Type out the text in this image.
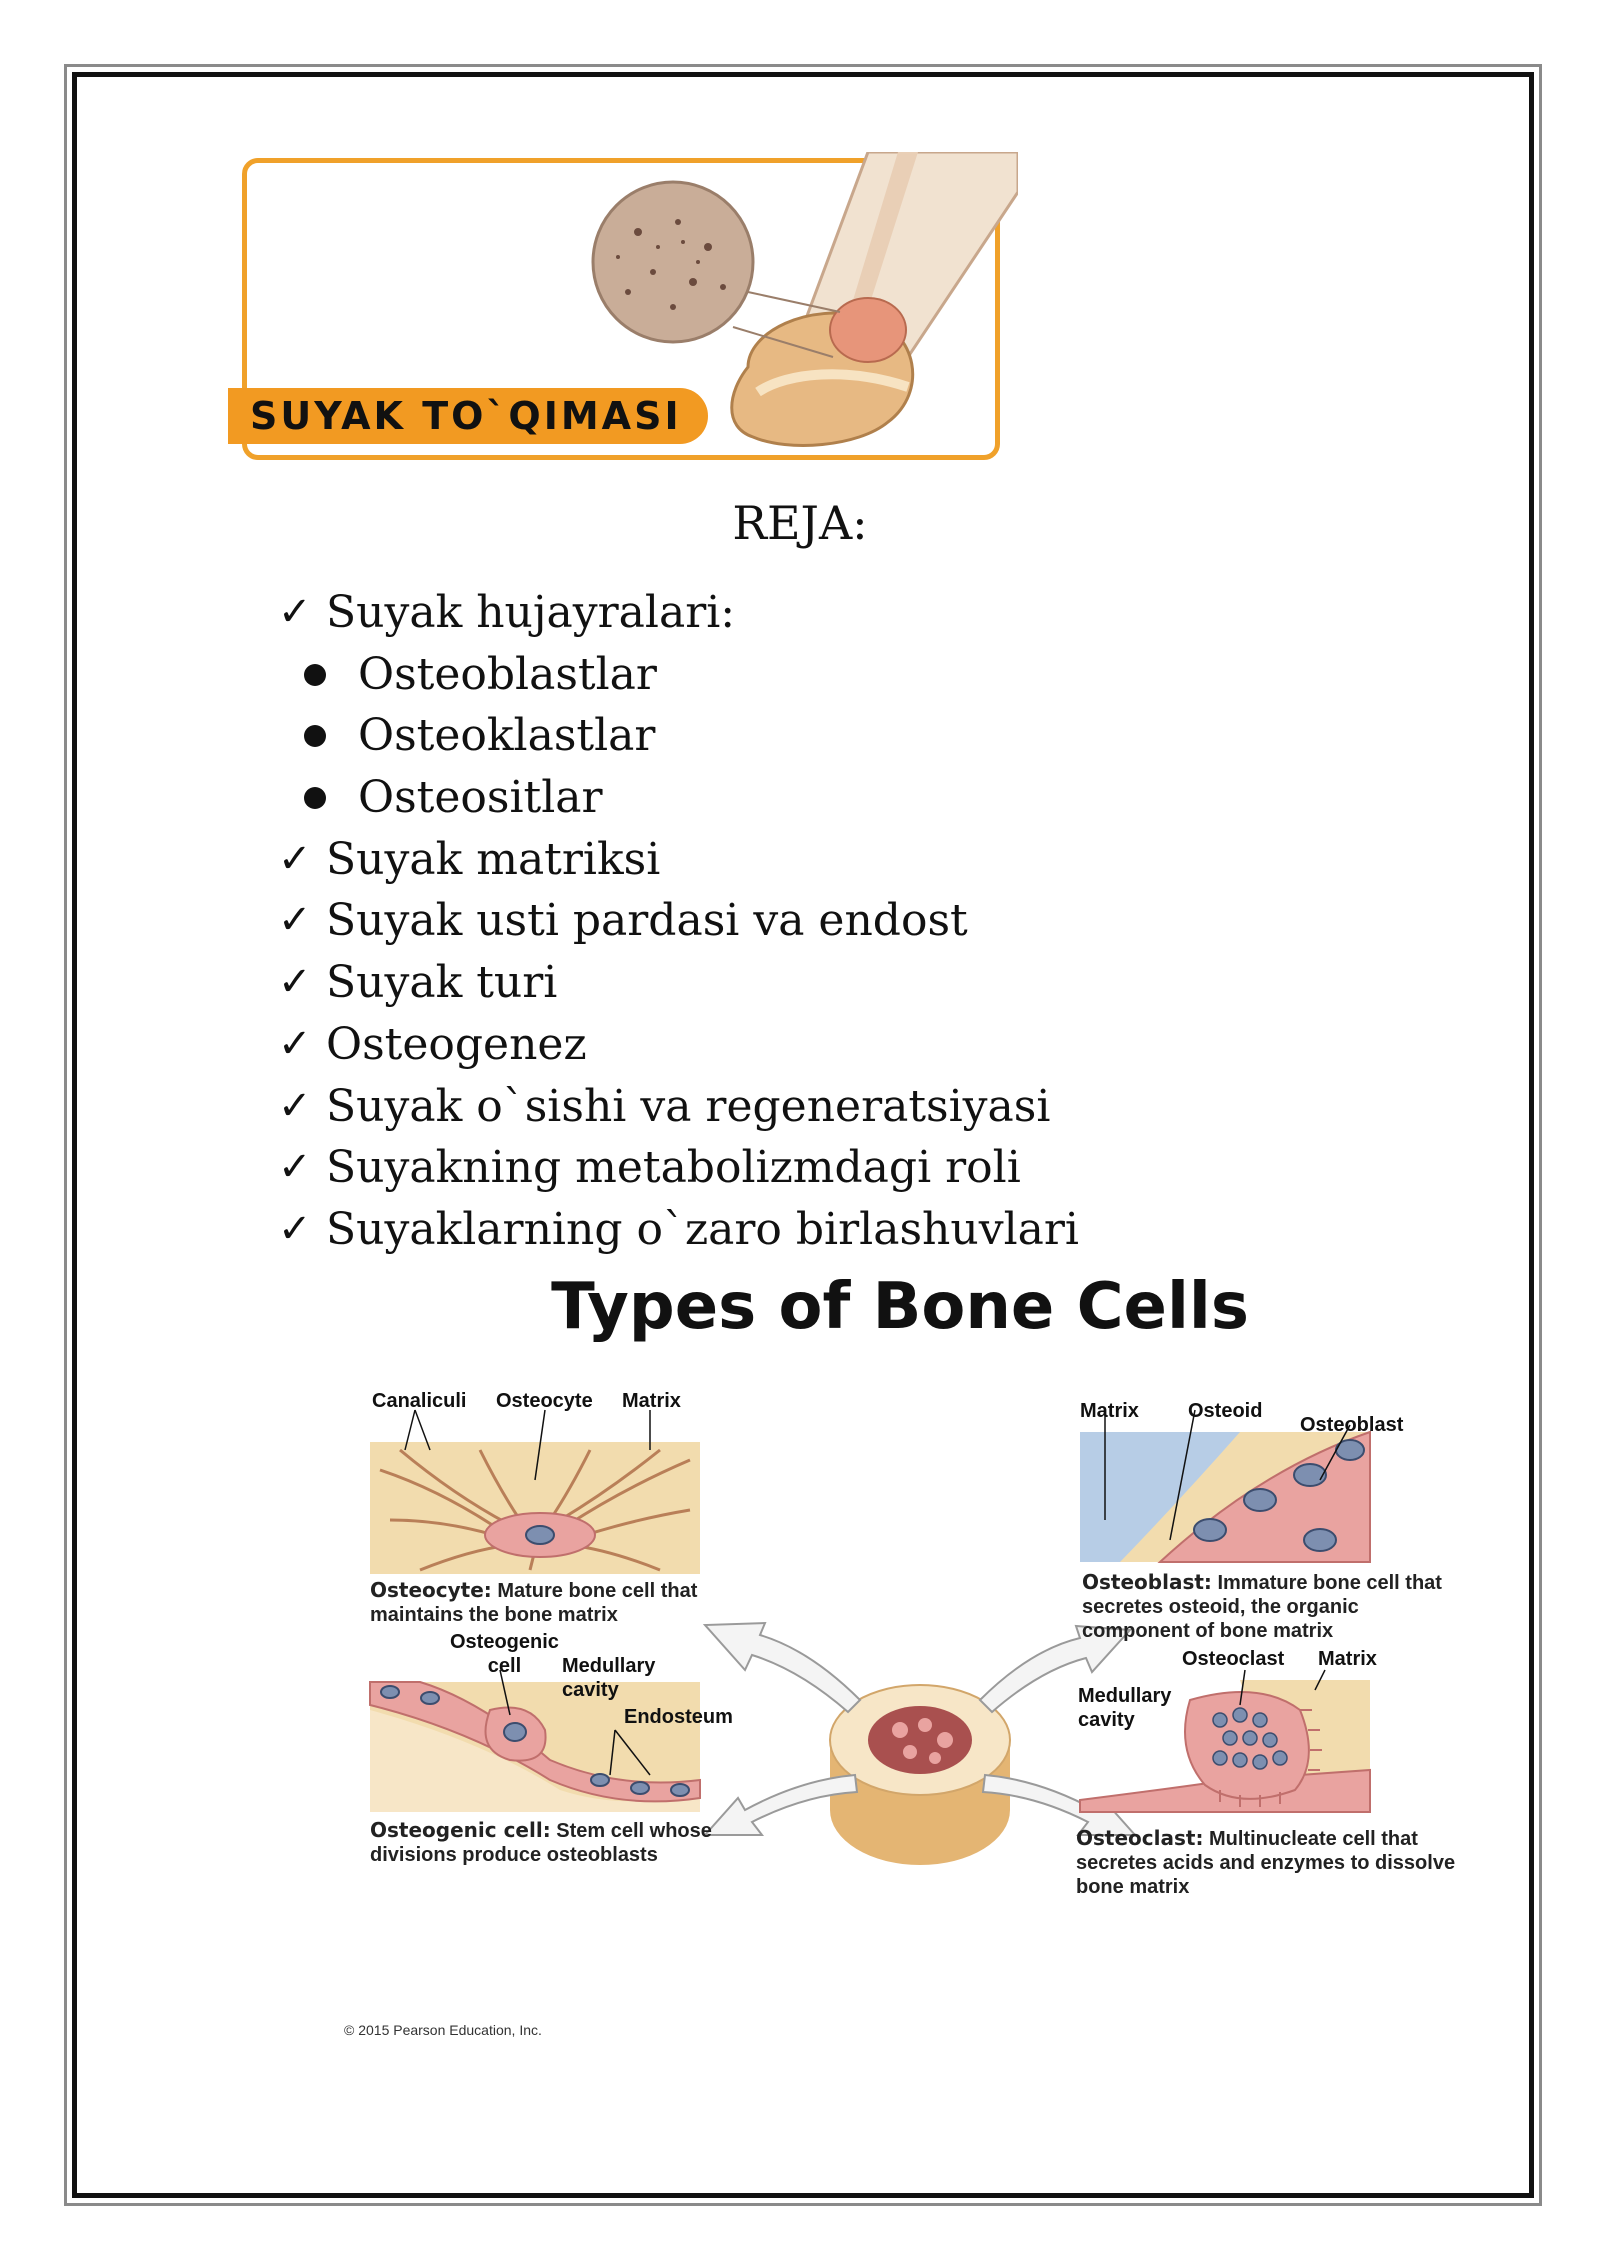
SUYAK TO`QIMASI
REJA:
✓ Suyak hujayralari:
Osteoblastlar
Osteoklastlar
Osteositlar
✓ Suyak matriksi
✓ Suyak usti pardasi va endost
✓ Suyak turi
✓ Osteogenez
✓ Suyak o`sishi va regeneratsiyasi
✓ Suyakning metabolizmdagi roli
✓ Suyaklarning o`zaro birlashuvlari
Types of Bone Cells
Canaliculi Osteocyte Matrix
Osteocyte: Mature bone cell that maintains the bone matrix
Matrix Osteoid
Osteoblast
Osteoblast: Immature bone cell that secretes osteoid, the organic component of bone matrix
Osteogenic
cell	Medullary
cavity
Endosteum
Osteogenic cell: Stem cell whose divisions produce osteoblasts
Osteoclast Matrix
Medullary
cavity
Osteoclast: Multinucleate cell that secretes acids and enzymes to dissolve bone matrix
© 2015 Pearson Education, Inc.
